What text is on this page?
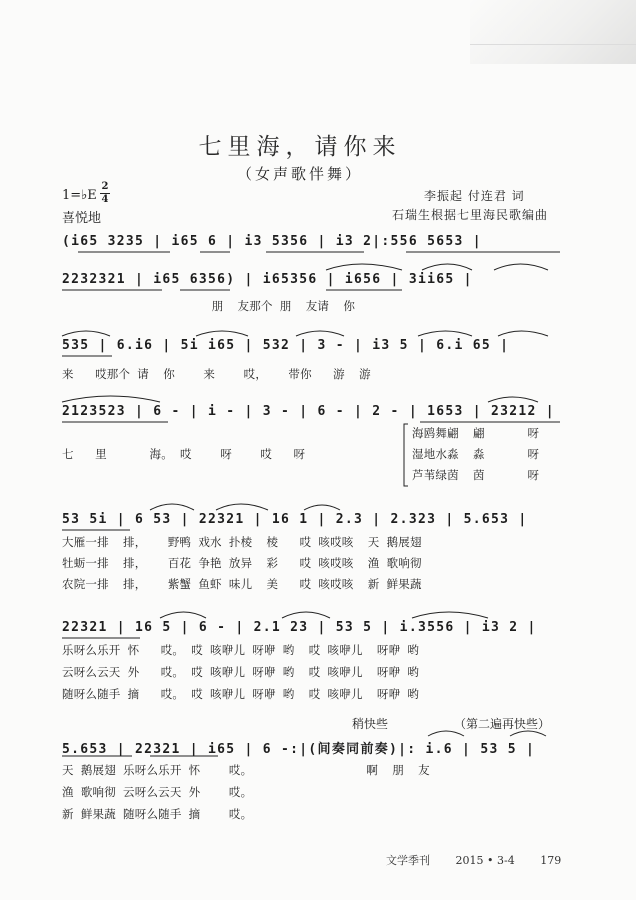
七里海，请你来
（女声歌伴舞）
1=♭E
2
4
喜悦地
李振起 付连君 词
石瑞生根据七里海民歌编曲
(i65 3235 | i65 6 | i3 5356 | i3 2|:556 5653 |
2232321 | i65 6356) | i65356 | i656 | 3ii65 |
朋  友那个 朋  友请  你
535 | 6.i6 | 5i i65 | 532 | 3 - | i3 5 | 6.i 65 |
来   哎那个 请  你    来    哎，   带你   游  游
2123523 | 6 - | i - | 3 - | 6 - | 2 - | 1653 | 23212 |
七   里      海。 哎    呀    哎   呀
海鸥舞翩  翩      呀
湿地水淼  淼      呀
芦苇绿茵  茵      呀
53 5i | 6 53 | 22321 | 16 1 | 2.3 | 2.323 | 5.653 |
大雁一排  排，   野鸭 戏水 扑棱  棱   哎 咳哎咳  天 鹅展翅
牡蛎一排  排，   百花 争艳 放异  彩   哎 咳哎咳  渔 歌响彻
农院一排  排，   紫蟹 鱼虾 味儿  美   哎 咳哎咳  新 鲜果蔬
22321 | 16 5 | 6 - | 2.1 23 | 53 5 | i.3556 | i3 2 |
乐呀么乐开 怀   哎。 哎 咳咿儿 呀咿 哟  哎 咳咿儿  呀咿 哟
云呀么云天 外   哎。 哎 咳咿儿 呀咿 哟  哎 咳咿儿  呀咿 哟
随呀么随手 摘   哎。 哎 咳咿儿 呀咿 哟  哎 咳咿儿  呀咿 哟
稍快些	（第二遍再快些）
5.653 | 22321 | i65 | 6 -:|(间奏同前奏)|: i.6 | 53 5 |
天 鹅展翅 乐呀么乐开 怀    哎。                啊  朋  友
渔 歌响彻 云呀么云天 外    哎。
新 鲜果蔬 随呀么随手 摘    哎。
文学季刊 2015 • 3-4 179
